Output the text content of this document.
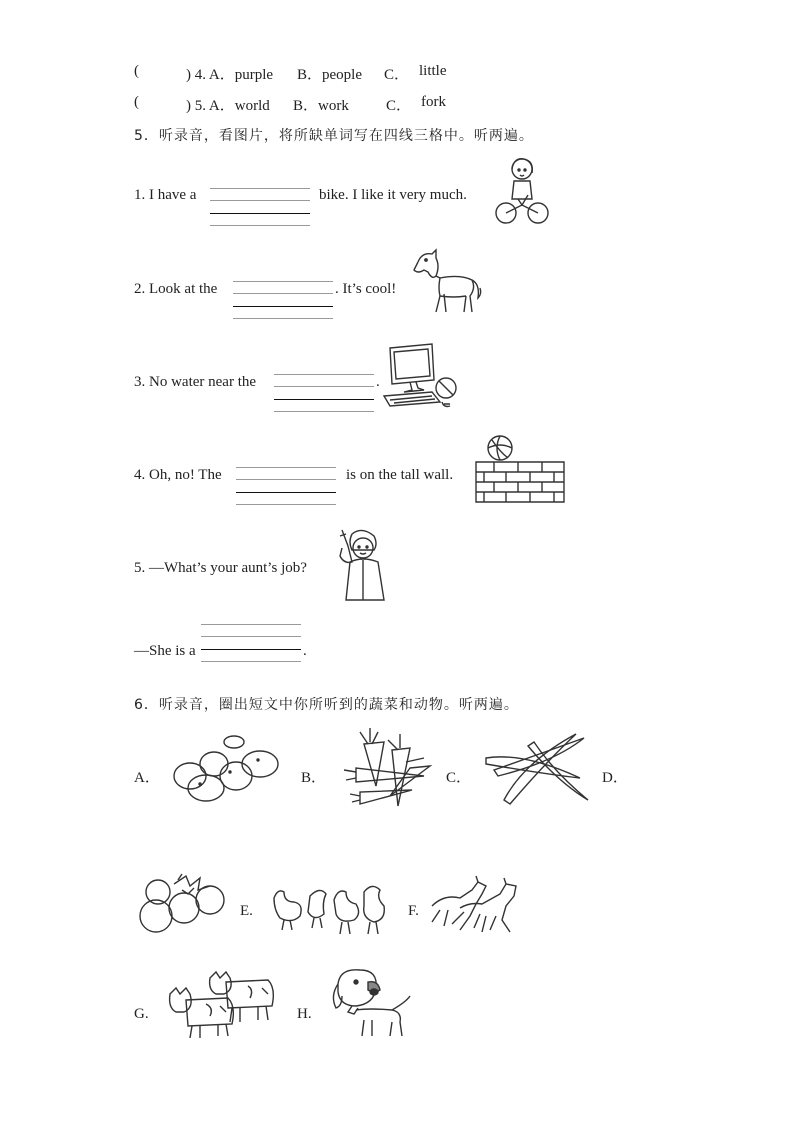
(	) 4. A．purple B．people C． little
(	) 5. A．world B．work C． fork
5．听录音，看图片，将所缺单词写在四线三格中。听两遍。
1. I have a	bike. I like it very much.
2. Look at the	. It’s cool!
3. No water near the	.
4. Oh, no! The	is on the tall wall.
5. —What’s your aunt’s job?
—She is a	.
6．听录音，圈出短文中你所听到的蔬菜和动物。听两遍。
A．	B．	C．	D．
E.	F.
G.	H.
